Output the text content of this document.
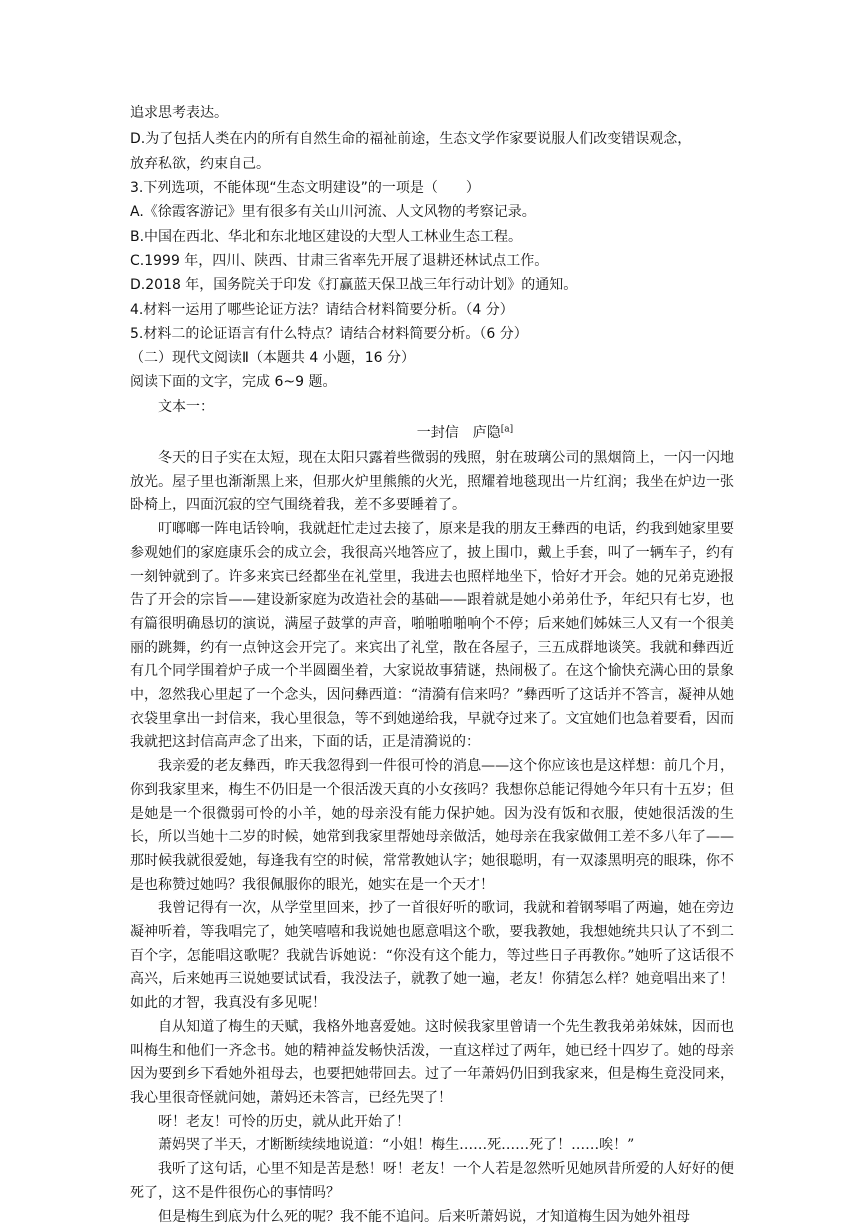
追求思考表达。
D.为了包括人类在内的所有自然生命的福祉前途，生态文学作家要说服人们改变错误观念，
放弃私欲，约束自己。
3.下列选项，不能体现“生态文明建设”的一项是（　　）
A.《徐霞客游记》里有很多有关山川河流、人文风物的考察记录。
B.中国在西北、华北和东北地区建设的大型人工林业生态工程。
C.1999 年，四川、陕西、甘肃三省率先开展了退耕还林试点工作。
D.2018 年，国务院关于印发《打赢蓝天保卫战三年行动计划》的通知。
4.材料一运用了哪些论证方法？请结合材料简要分析。（4 分）
5.材料二的论证语言有什么特点？请结合材料简要分析。（6 分）
（二）现代文阅读Ⅱ（本题共 4 小题，16 分）
阅读下面的文字，完成 6~9 题。
文本一：
一封信　庐隐[a]

冬天的日子实在太短，现在太阳只露着些微弱的残照，射在玻璃公司的黑烟筒上，一闪一闪地放光。屋子里也渐渐黑上来，但那火炉里熊熊的火光，照耀着地毯现出一片红润；我坐在炉边一张卧椅上，四面沉寂的空气围绕着我，差不多要睡着了。

叮啷啷一阵电话铃响，我就赶忙走过去接了，原来是我的朋友王彝西的电话，约我到她家里要参观她们的家庭康乐会的成立会，我很高兴地答应了，披上围巾，戴上手套，叫了一辆车子，约有一刻钟就到了。许多来宾已经都坐在礼堂里，我进去也照样地坐下，恰好才开会。她的兄弟克逊报告了开会的宗旨——建设新家庭为改造社会的基础——跟着就是她小弟弟仕予，年纪只有七岁，也有篇很明确恳切的演说，满屋子鼓掌的声音，啪啪啪啪响个不停；后来她们姊妹三人又有一个很美丽的跳舞，约有一点钟这会开完了。来宾出了礼堂，散在各屋子，三五成群地谈笑。我就和彝西近有几个同学围着炉子成一个半圆圈坐着，大家说故事猜谜，热闹极了。在这个愉快充满心田的景象中，忽然我心里起了一个念头，因问彝西道：“清漪有信来吗？”彝西听了这话并不答言，凝神从她衣袋里拿出一封信来，我心里很急，等不到她递给我，早就夺过来了。文宜她们也急着要看，因而我就把这封信高声念了出来，下面的话，正是清漪说的：

我亲爱的老友彝西，昨天我忽得到一件很可怜的消息——这个你应该也是这样想：前几个月，你到我家里来，梅生不仍旧是一个很活泼天真的小女孩吗？我想你总能记得她今年只有十五岁；但是她是一个很微弱可怜的小羊，她的母亲没有能力保护她。因为没有饭和衣服，使她很活泼的生长，所以当她十二岁的时候，她常到我家里帮她母亲做活，她母亲在我家做佣工差不多八年了——那时候我就很爱她，每逢我有空的时候，常常教她认字；她很聪明，有一双漆黑明亮的眼珠，你不是也称赞过她吗？我很佩服你的眼光，她实在是一个天才！

我曾记得有一次，从学堂里回来，抄了一首很好听的歌词，我就和着钢琴唱了两遍，她在旁边凝神听着，等我唱完了，她笑嘻嘻和我说她也愿意唱这个歌，要我教她，我想她统共只认了不到二百个字，怎能唱这歌呢？我就告诉她说：“你没有这个能力，等过些日子再教你。”她听了这话很不高兴，后来她再三说她要试试看，我没法子，就教了她一遍，老友！你猜怎么样？她竟唱出来了！如此的才智，我真没有多见呢！

自从知道了梅生的天赋，我格外地喜爱她。这时候我家里曾请一个先生教我弟弟妹妹，因而也叫梅生和他们一齐念书。她的精神益发畅快活泼，一直这样过了两年，她已经十四岁了。她的母亲因为要到乡下看她外祖母去，也要把她带回去。过了一年萧妈仍旧到我家来，但是梅生竟没同来，我心里很奇怪就问她，萧妈还未答言，已经先哭了！

呀！老友！可怜的历史，就从此开始了！

萧妈哭了半天，才断断续续地说道：“小姐！梅生……死……死了！……唉！”

我听了这句话，心里不知是苦是愁！呀！老友！一个人若是忽然听见她夙昔所爱的人好好的便死了，这不是件很伤心的事情吗？

但是梅生到底为什么死的呢？我不能不追问。后来听萧妈说，才知道梅生因为她外祖母
